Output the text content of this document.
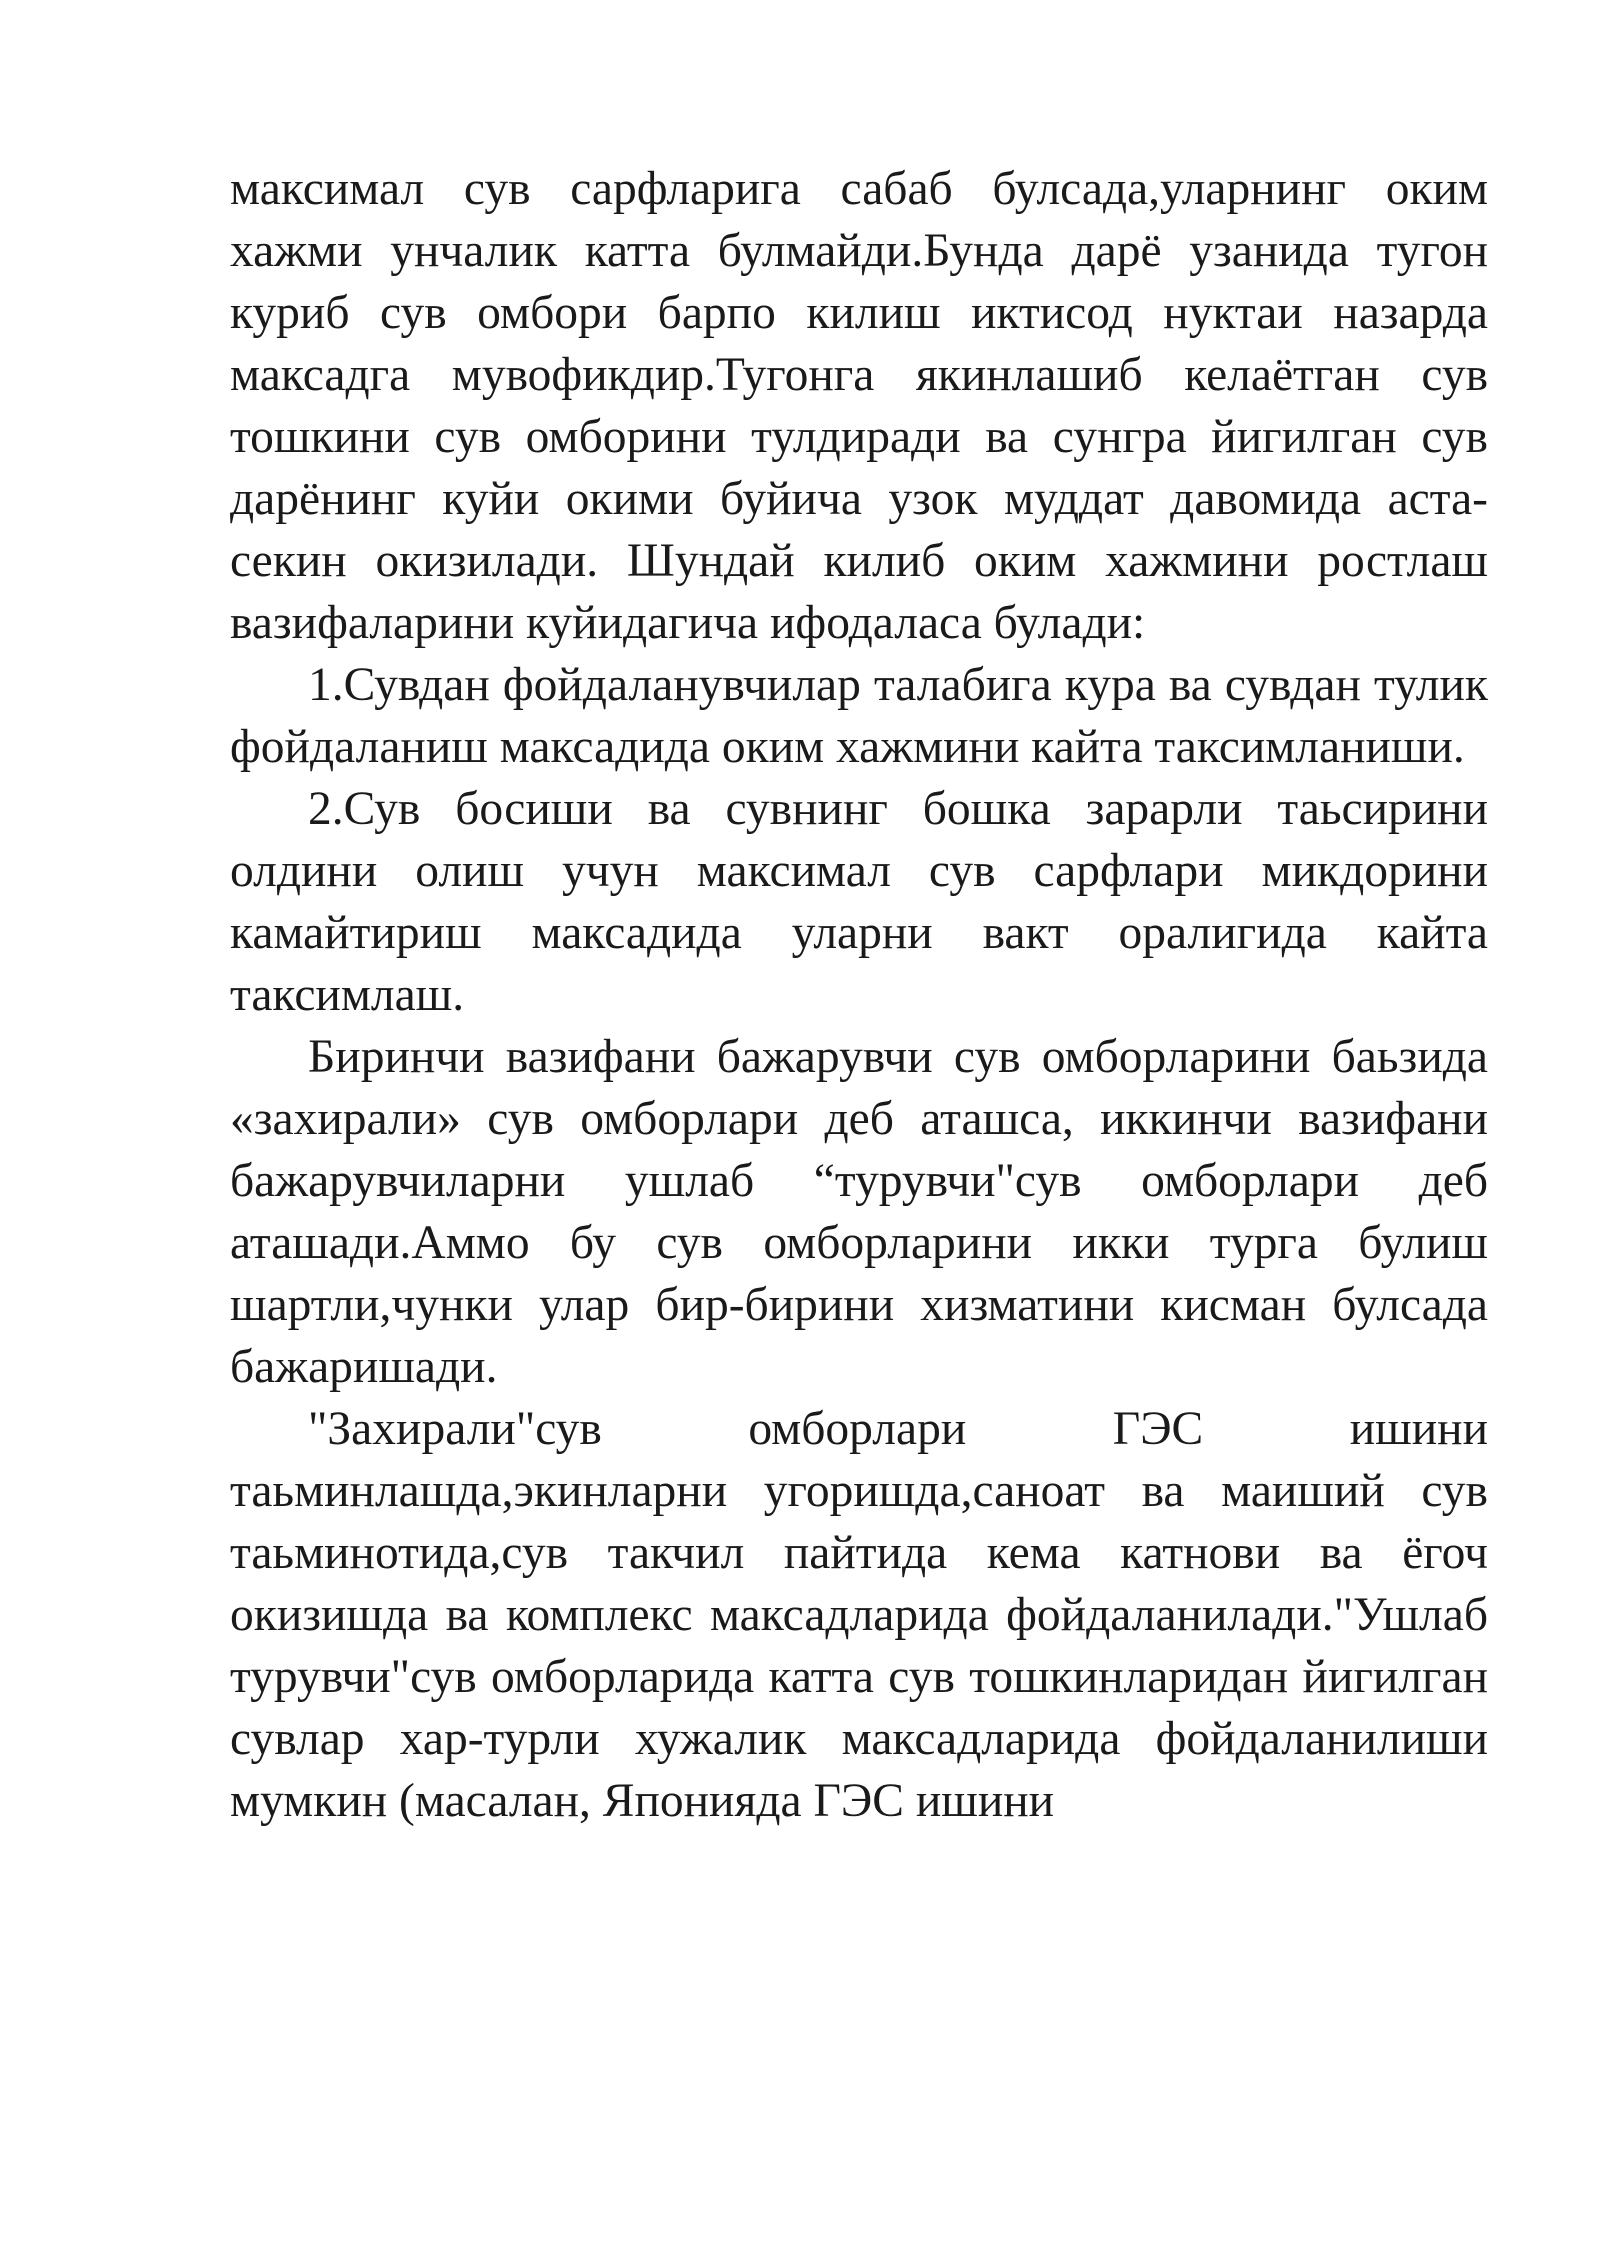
максимал сув сарфларига сабаб булсада,уларнинг оким хажми унчалик катта булмайди.Бунда дарё узанида тугон куриб сув омбори барпо килиш иктисод нуктаи назарда максадга мувофикдир.Тугонга якинлашиб келаётган сув тошкини сув омборини тулдиради ва сунгра йигилган сув дарёнинг куйи окими буйича узок муддат давомида аста-секин окизилади. Шундай килиб оким хажмини ростлаш вазифаларини куйидагича ифодаласа булади:

1.Сувдан фойдаланувчилар талабига кура ва сувдан тулик фойдаланиш максадида оким хажмини кайта таксимланиши.

2.Сув босиши ва сувнинг бошка зарарли таьсирини олдини олиш учун максимал сув сарфлари микдорини камайтириш максадида уларни вакт оралигида кайта таксимлаш.

Биринчи вазифани бажарувчи сув омборларини баьзида «захирали» сув омборлари деб аташса, иккинчи вазифани бажарувчиларни ушлаб “турувчи"сув омборлари деб аташади.Аммо бу сув омборларини икки турга булиш шартли,чунки улар бир-бирини хизматини кисман булсада бажаришади.

"Захирали"сув омборлари ГЭС ишини таьминлашда,экинларни угоришда,саноат ва маиший сув таьминотида,сув такчил пайтида кема катнови ва ёгоч окизишда ва комплекс максадларида фойдаланилади."Ушлаб турувчи"сув омборларида катта сув тошкинларидан йигилган сувлар хар-турли хужалик максадларида фойдаланилиши мумкин (масалан, Японияда ГЭС ишини
